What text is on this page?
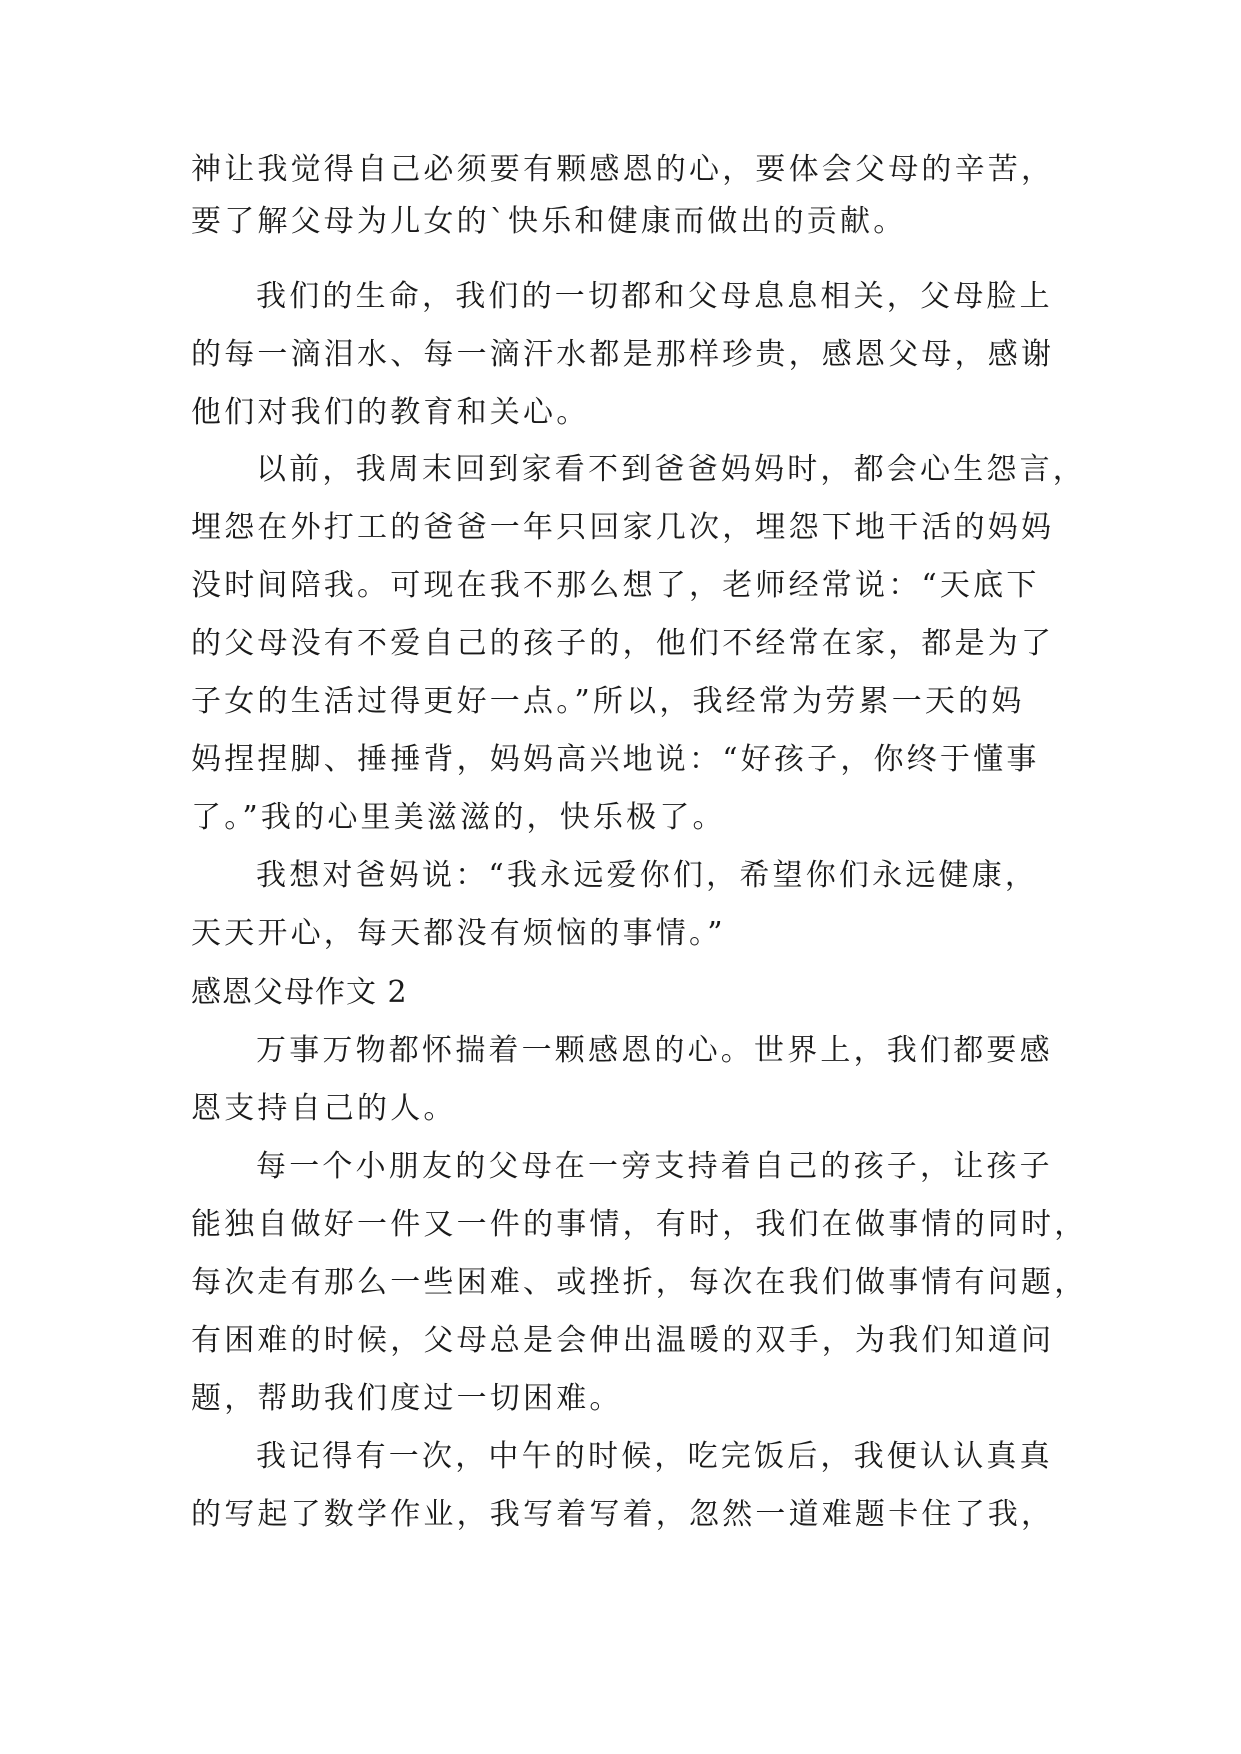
神让我觉得自己必须要有颗感恩的心，要体会父母的辛苦，
要了解父母为儿女的`快乐和健康而做出的贡献。
我们的生命，我们的一切都和父母息息相关，父母脸上
的每一滴泪水、每一滴汗水都是那样珍贵，感恩父母，感谢
他们对我们的教育和关心。
以前，我周末回到家看不到爸爸妈妈时，都会心生怨言，
埋怨在外打工的爸爸一年只回家几次，埋怨下地干活的妈妈
没时间陪我。可现在我不那么想了，老师经常说：“天底下
的父母没有不爱自己的孩子的，他们不经常在家，都是为了
子女的生活过得更好一点。”所以，我经常为劳累一天的妈
妈捏捏脚、捶捶背，妈妈高兴地说：“好孩子，你终于懂事
了。”我的心里美滋滋的，快乐极了。
我想对爸妈说：“我永远爱你们，希望你们永远健康，
天天开心，每天都没有烦恼的事情。”
感恩父母作文 2
万事万物都怀揣着一颗感恩的心。世界上，我们都要感
恩支持自己的人。
每一个小朋友的父母在一旁支持着自己的孩子，让孩子
能独自做好一件又一件的事情，有时，我们在做事情的同时，
每次走有那么一些困难、或挫折，每次在我们做事情有问题，
有困难的时候，父母总是会伸出温暖的双手，为我们知道问
题，帮助我们度过一切困难。
我记得有一次，中午的时候，吃完饭后，我便认认真真
的写起了数学作业，我写着写着，忽然一道难题卡住了我，
